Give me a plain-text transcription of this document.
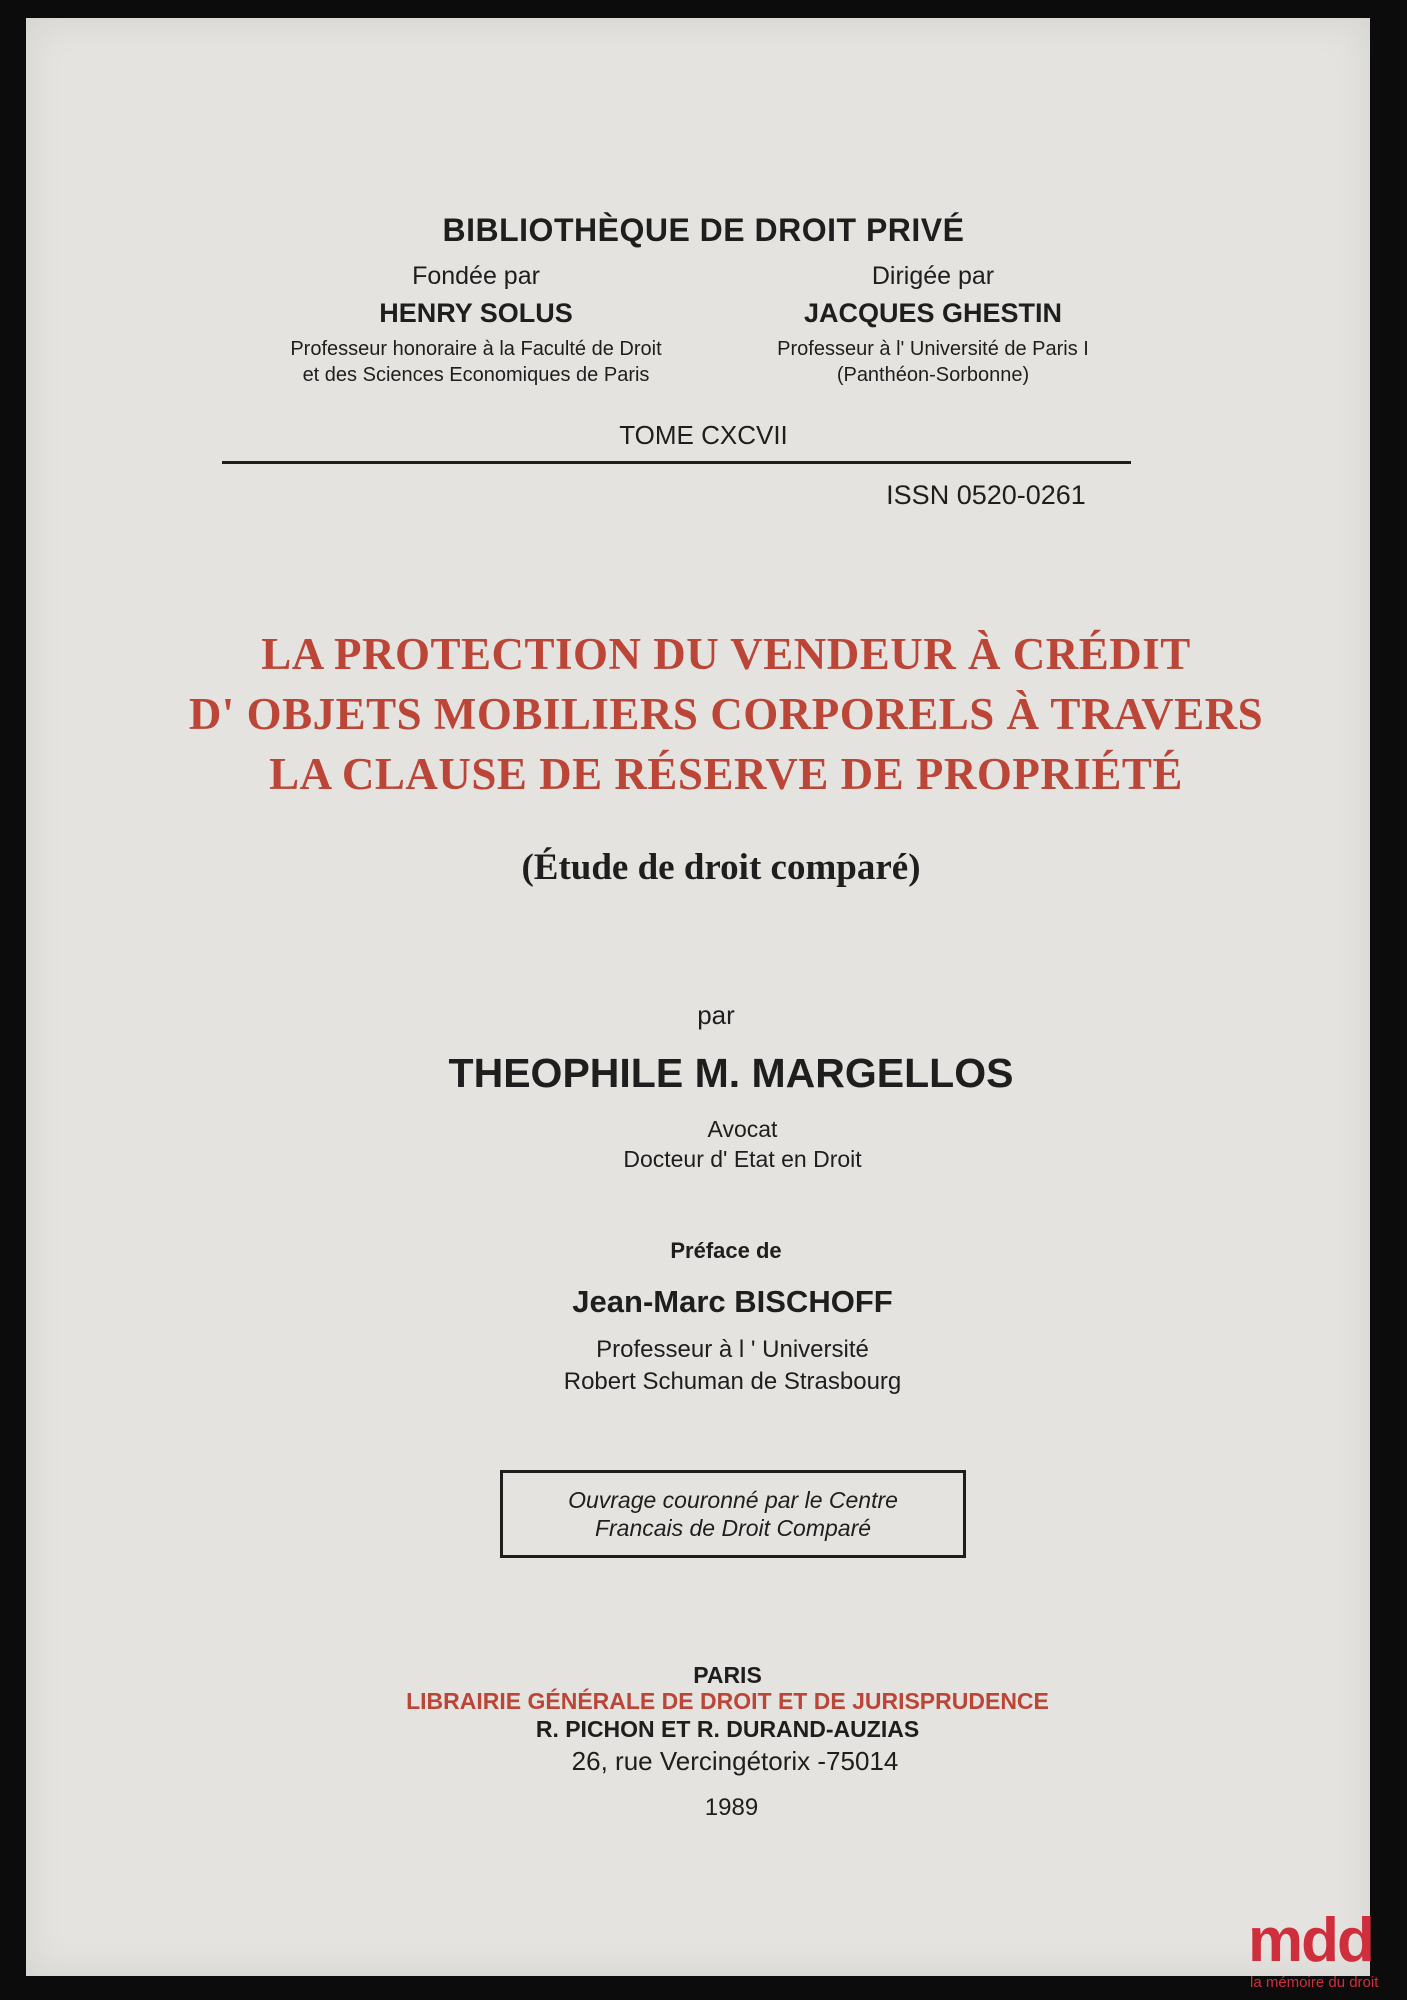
BIBLIOTHÈQUE DE DROIT PRIVÉ
Fondée par
HENRY SOLUS
Professeur honoraire à la Faculté de Droit
et des Sciences Economiques de Paris
Dirigée par
JACQUES GHESTIN
Professeur à l' Université de Paris I
(Panthéon-Sorbonne)
TOME CXCVII
ISSN 0520-0261
LA PROTECTION DU VENDEUR À CRÉDIT
D' OBJETS MOBILIERS CORPORELS À TRAVERS
LA CLAUSE DE RÉSERVE DE PROPRIÉTÉ
(Étude de droit comparé)
par
THEOPHILE M. MARGELLOS
Avocat
Docteur d' Etat en Droit
Préface de
Jean-Marc BISCHOFF
Professeur à l ' Université
Robert Schuman de Strasbourg
Ouvrage couronné par le Centre
Francais de Droit Comparé
PARIS
LIBRAIRIE GÉNÉRALE DE DROIT ET DE JURISPRUDENCE
R. PICHON ET R. DURAND-AUZIAS
26, rue Vercingétorix -75014
1989
mdd
la mémoire du droit
